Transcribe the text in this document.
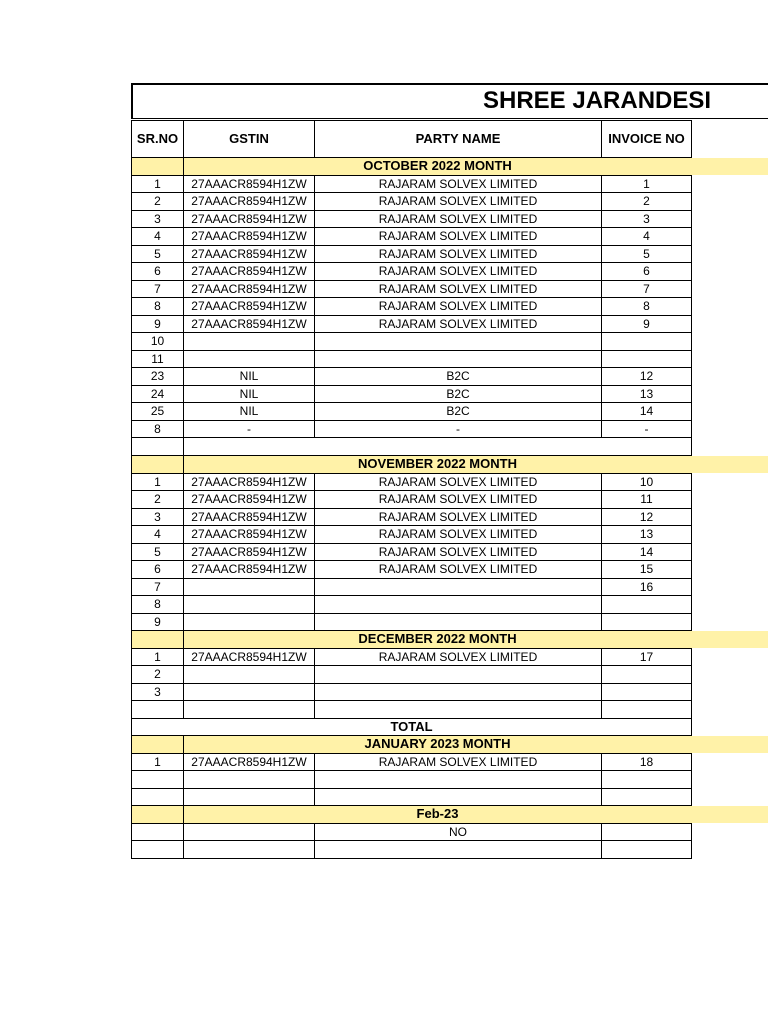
SHREE JARANDESI
SR.NO	GSTIN	PARTY NAME	INVOICE NO
	OCTOBER 2022 MONTH		
1	27AAACR8594H1ZW	RAJARAM SOLVEX LIMITED	1
2	27AAACR8594H1ZW	RAJARAM SOLVEX LIMITED	2
3	27AAACR8594H1ZW	RAJARAM SOLVEX LIMITED	3
4	27AAACR8594H1ZW	RAJARAM SOLVEX LIMITED	4
5	27AAACR8594H1ZW	RAJARAM SOLVEX LIMITED	5
6	27AAACR8594H1ZW	RAJARAM SOLVEX LIMITED	6
7	27AAACR8594H1ZW	RAJARAM SOLVEX LIMITED	7
8	27AAACR8594H1ZW	RAJARAM SOLVEX LIMITED	8
9	27AAACR8594H1ZW	RAJARAM SOLVEX LIMITED	9
10			
11			
23	NIL	B2C	12
24	NIL	B2C	13
25	NIL	B2C	14
8	-	-	-

	NOVEMBER 2022 MONTH		
1	27AAACR8594H1ZW	RAJARAM SOLVEX LIMITED	10
2	27AAACR8594H1ZW	RAJARAM SOLVEX LIMITED	11
3	27AAACR8594H1ZW	RAJARAM SOLVEX LIMITED	12
4	27AAACR8594H1ZW	RAJARAM SOLVEX LIMITED	13
5	27AAACR8594H1ZW	RAJARAM SOLVEX LIMITED	14
6	27AAACR8594H1ZW	RAJARAM SOLVEX LIMITED	15
7			16
8			
9			
	DECEMBER 2022 MONTH		
1	27AAACR8594H1ZW	RAJARAM SOLVEX LIMITED	17
2			
3			

TOTAL			
	JANUARY 2023 MONTH		
1	27AAACR8594H1ZW	RAJARAM SOLVEX LIMITED	18

	Feb-23		
		NO	
